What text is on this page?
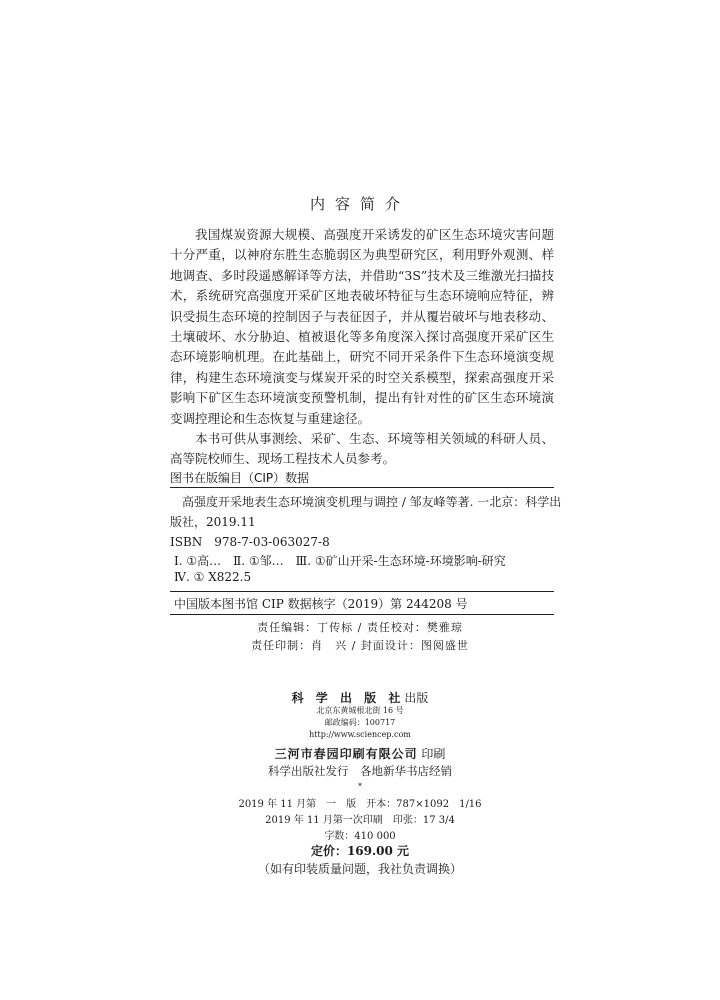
内容简介

我国煤炭资源大规模、高强度开采诱发的矿区生态环境灾害问题十分严重，以神府东胜生态脆弱区为典型研究区，利用野外观测、样地调查、多时段遥感解译等方法，并借助“3S”技术及三维激光扫描技术，系统研究高强度开采矿区地表破坏特征与生态环境响应特征，辨识受损生态环境的控制因子与表征因子，并从覆岩破坏与地表移动、土壤破坏、水分胁迫、植被退化等多角度深入探讨高强度开采矿区生态环境影响机理。在此基础上，研究不同开采条件下生态环境演变规律，构建生态环境演变与煤炭开采的时空关系模型，探索高强度开采影响下矿区生态环境演变预警机制，提出有针对性的矿区生态环境演变调控理论和生态恢复与重建途径。

本书可供从事测绘、采矿、生态、环境等相关领域的科研人员、高等院校师生、现场工程技术人员参考。

图书在版编目（CIP）数据
高强度开采地表生态环境演变机理与调控 / 邹友峰等著. 一北京：科学出
版社，2019.11
ISBN　978-7-03-063027-8
Ⅰ. ①高…　Ⅱ. ①邹…　Ⅲ. ①矿山开采-生态环境-环境影响-研究
Ⅳ. ① X822.5
中国版本图书馆 CIP 数据核字（2019）第 244208 号
责任编辑：丁传标 / 责任校对：樊雅琼
责任印制：肖　兴 / 封面设计：图阅盛世
科 学 出 版 社出版
北京东黄城根北街 16 号
邮政编码：100717
http://www.sciencep.com
三河市春园印刷有限公司 印刷
科学出版社发行　各地新华书店经销
*
2019 年 11 月第　一　版　开本：787×1092　1/16
2019 年 11 月第一次印刷　印张：17 3/4
字数：410 000
定价：169.00 元
（如有印装质量问题，我社负责调换）
